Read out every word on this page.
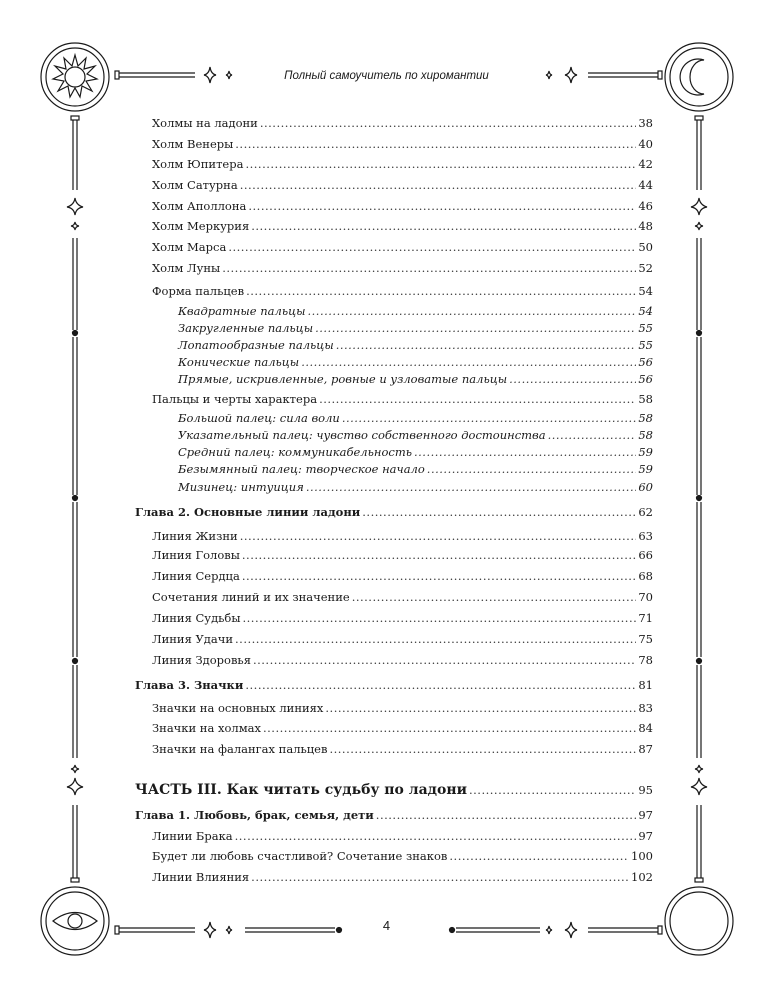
Полный самоучитель по хиромантии
Холмы на ладони .....	38
Холм Венеры .....	40
Холм Юпитера .....	42
Холм Сатурна .....	44
Холм Аполлона .....	46
Холм Меркурия .....	48
Холм Марса .....	50
Холм Луны .....	52
Форма пальцев .....	54
Квадратные пальцы .....	54
Закругленные пальцы .....	55
Лопатообразные пальцы .....	55
Конические пальцы .....	56
Прямые, искривленные, ровные и узловатые пальцы .....	56
Пальцы и черты характера .....	58
Большой палец: сила воли .....	58
Указательный палец: чувство собственного достоинства .....	58
Средний палец: коммуникабельность .....	59
Безымянный палец: творческое начало .....	59
Мизинец: интуиция .....	60
Глава 2. Основные линии ладони .....	62
Линия Жизни .....	63
Линия Головы .....	66
Линия Сердца .....	68
Сочетания линий и их значение .....	70
Линия Судьбы .....	71
Линия Удачи .....	75
Линия Здоровья .....	78
Глава 3. Значки .....	81
Значки на основных линиях .....	83
Значки на холмах .....	84
Значки на фалангах пальцев .....	87
ЧАСТЬ III. Как читать судьбу по ладони .....	95
Глава 1. Любовь, брак, семья, дети .....	97
Линии Брака .....	97
Будет ли любовь счастливой? Сочетание знаков .....	100
Линии Влияния .....	102
4
